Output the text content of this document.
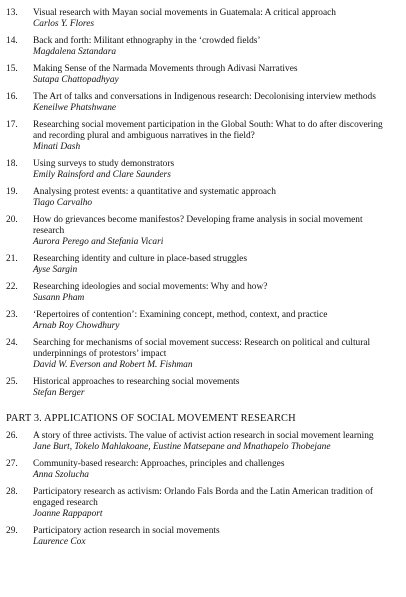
13.	Visual research with Mayan social movements in Guatemala: A critical approach
Carlos Y. Flores
14.	Back and forth: Militant ethnography in the ‘crowded fields’
Magdalena Sztandara
15.	Making Sense of the Narmada Movements through Adivasi Narratives
Sutapa Chattopadhyay
16.	The Art of talks and conversations in Indigenous research: Decolonising interview methods
Keneilwe Phatshwane
17.	Researching social movement participation in the Global South: What to do after discovering and recording plural and ambiguous narratives in the field?
Minati Dash
18.	Using surveys to study demonstrators
Emily Rainsford and Clare Saunders
19.	Analysing protest events: a quantitative and systematic approach
Tiago Carvalho
20.	How do grievances become manifestos? Developing frame analysis in social movement research
Aurora Perego and Stefania Vicari
21.	Researching identity and culture in place-based struggles
Ayse Sargin
22.	Researching ideologies and social movements: Why and how?
Susann Pham
23.	‘Repertoires of contention’: Examining concept, method, context, and practice
Arnab Roy Chowdhury
24.	Searching for mechanisms of social movement success: Research on political and cultural underpinnings of protestors’ impact
David W. Everson and Robert M. Fishman
25.	Historical approaches to researching social movements
Stefan Berger
PART 3. APPLICATIONS OF SOCIAL MOVEMENT RESEARCH
26.	A story of three activists. The value of activist action research in social movement learning
Jane Burt, Tokelo Mahlakoane, Eustine Matsepane and Mnathapelo Thobejane
27.	Community-based research: Approaches, principles and challenges
Anna Szolucha
28.	Participatory research as activism: Orlando Fals Borda and the Latin American tradition of engaged research
Joanne Rappaport
29.	Participatory action research in social movements
Laurence Cox
